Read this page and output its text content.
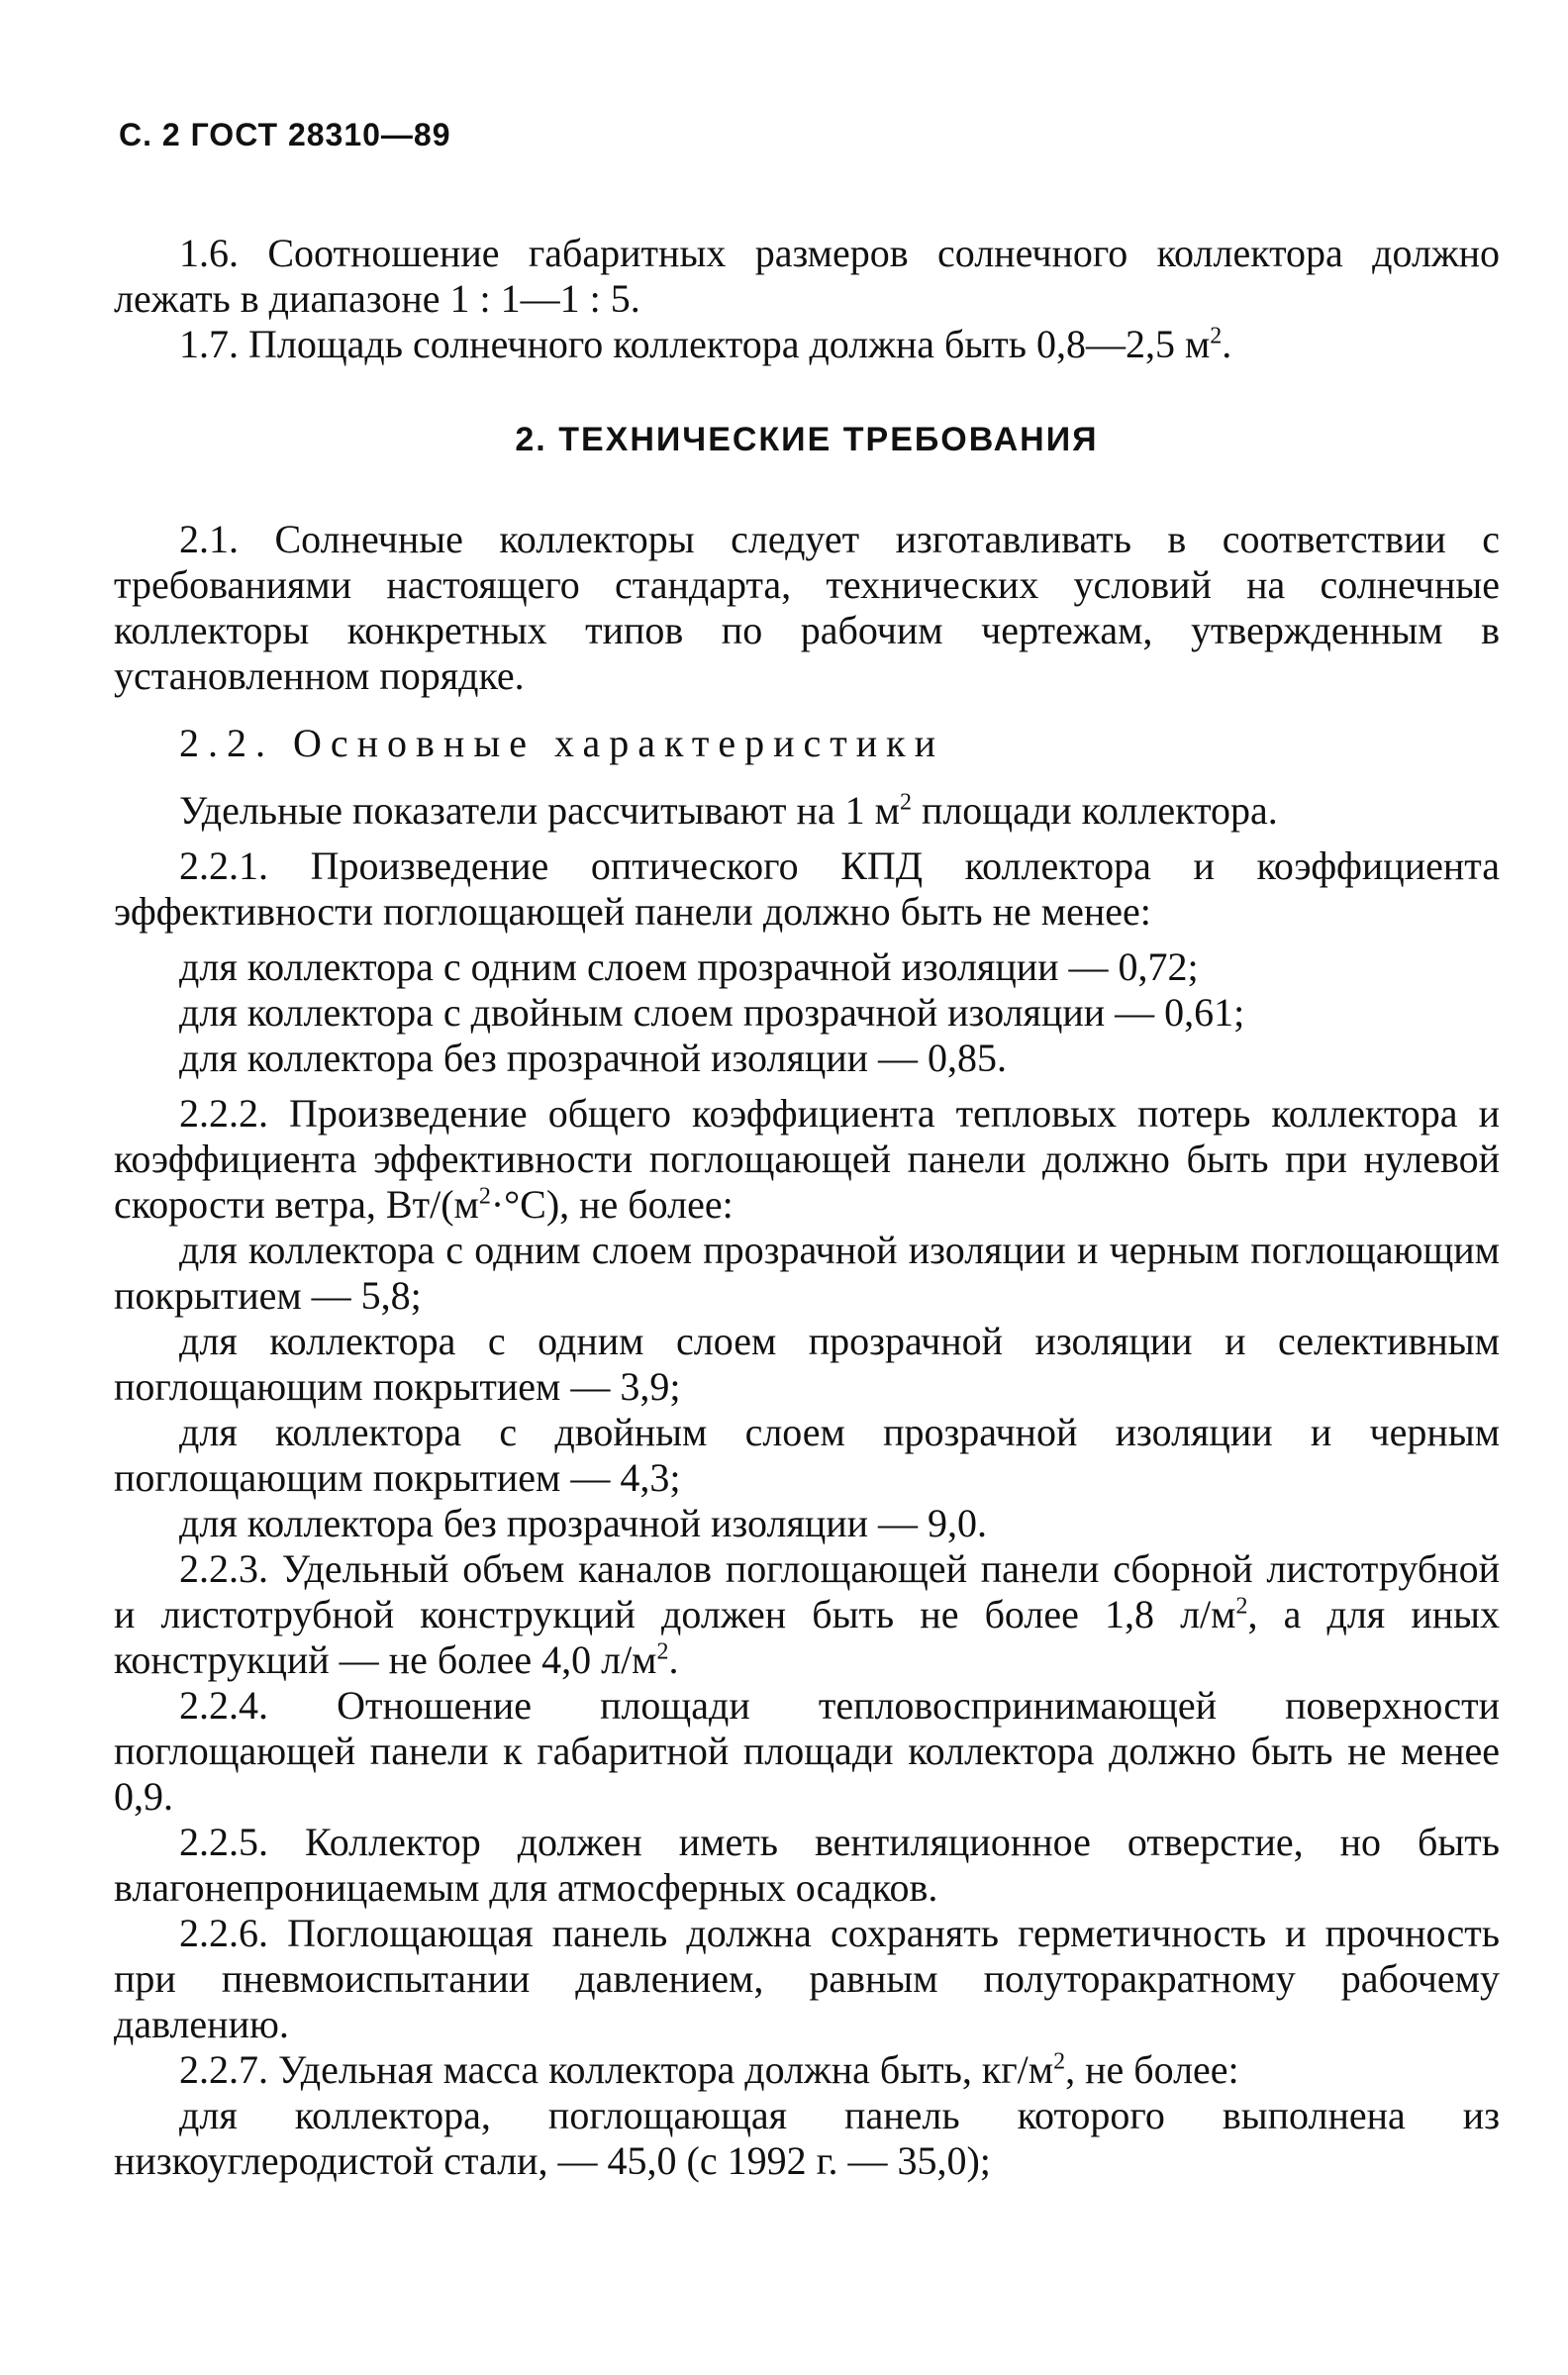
С. 2 ГОСТ 28310—89

1.6. Соотношение габаритных размеров солнечного коллектора должно лежать в диапазоне 1 : 1—1 : 5.

1.7. Площадь солнечного коллектора должна быть 0,8—2,5 $м^2$.

2. ТЕХНИЧЕСКИЕ ТРЕБОВАНИЯ

2.1. Солнечные коллекторы следует изготавливать в соответствии с требованиями настоящего стандарта, технических условий на солнечные коллекторы конкретных типов по рабочим чертежам, утвержденным в установленном порядке.

2.2. Основные характеристики

Удельные показатели рассчитывают на 1 $м^2$ площади коллектора.

2.2.1. Произведение оптического КПД коллектора и коэффициента эффективности поглощающей панели должно быть не менее:

для коллектора с одним слоем прозрачной изоляции — 0,72;

для коллектора с двойным слоем прозрачной изоляции — 0,61;

для коллектора без прозрачной изоляции — 0,85.

2.2.2. Произведение общего коэффициента тепловых потерь коллектора и коэффициента эффективности поглощающей панели должно быть при нулевой скорости ветра, $Вт/(м^2\cdot^\circ С)$, не более:

для коллектора с одним слоем прозрачной изоляции и черным поглощающим покрытием — 5,8;

для коллектора с одним слоем прозрачной изоляции и селективным поглощающим покрытием — 3,9;

для коллектора с двойным слоем прозрачной изоляции и черным поглощающим покрытием — 4,3;

для коллектора без прозрачной изоляции — 9,0.

2.2.3. Удельный объем каналов поглощающей панели сборной листотрубной и листотрубной конструкций должен быть не более 1,8 $л/м^2$, а для иных конструкций — не более 4,0 $л/м^2$.

2.2.4. Отношение площади тепловоспринимающей поверхности поглощающей панели к габаритной площади коллектора должно быть не менее 0,9.

2.2.5. Коллектор должен иметь вентиляционное отверстие, но быть влагонепроницаемым для атмосферных осадков.

2.2.6. Поглощающая панель должна сохранять герметичность и прочность при пневмоиспытании давлением, равным полуторакратному рабочему давлению.

2.2.7. Удельная масса коллектора должна быть, $кг/м^2$, не более:

для коллектора, поглощающая панель которого выполнена из низкоуглеродистой стали, — 45,0 (с 1992 г. — 35,0);
